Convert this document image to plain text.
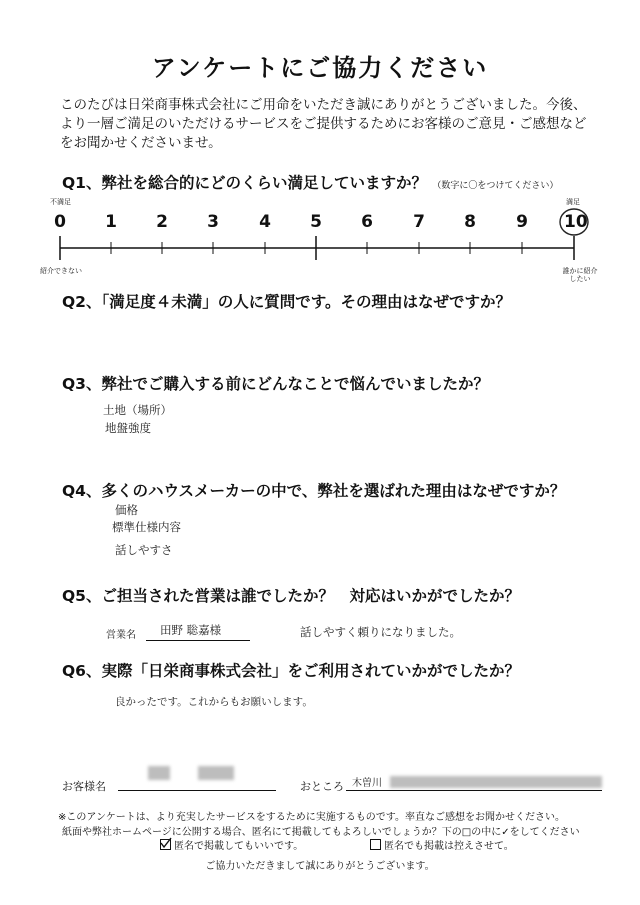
アンケートにご協力ください
このたびは日栄商事株式会社にご用命をいただき誠にありがとうございました。今後、より一層ご満足のいただけるサービスをご提供するためにお客様のご意見・ご感想などをお聞かせくださいませ。
Q1、弊社を総合的にどのくらい満足していますか？ （数字に〇をつけてください）
不満足	満足
0 1 2 3 4 5 6 7 8 9 10
紹介できない	誰かに紹介したい
Q2、「満足度４未満」の人に質問です。その理由はなぜですか？
Q3、弊社でご購入する前にどんなことで悩んでいましたか？
土地（場所）
地盤強度
Q4、多くのハウスメーカーの中で、弊社を選ばれた理由はなぜですか？
価格
標準仕様内容
話しやすさ
Q5、ご担当された営業は誰でしたか？　対応はいかがでしたか？
営業名 田野 聡嘉様	話しやすく頼りになりました。
Q6、実際「日栄商事株式会社」をご利用されていかがでしたか？
良かったです。これからもお願いします。
お客様名	おところ 木曽川
※このアンケートは、より充実したサービスをするために実施するものです。率直なご感想をお聞かせください。
紙面や弊社ホームページに公開する場合、匿名にて掲載してもよろしいでしょうか？下の□の中に✓をしてください
匿名で掲載してもいいです。	匿名でも掲載は控えさせて。
ご協力いただきまして誠にありがとうございます。
